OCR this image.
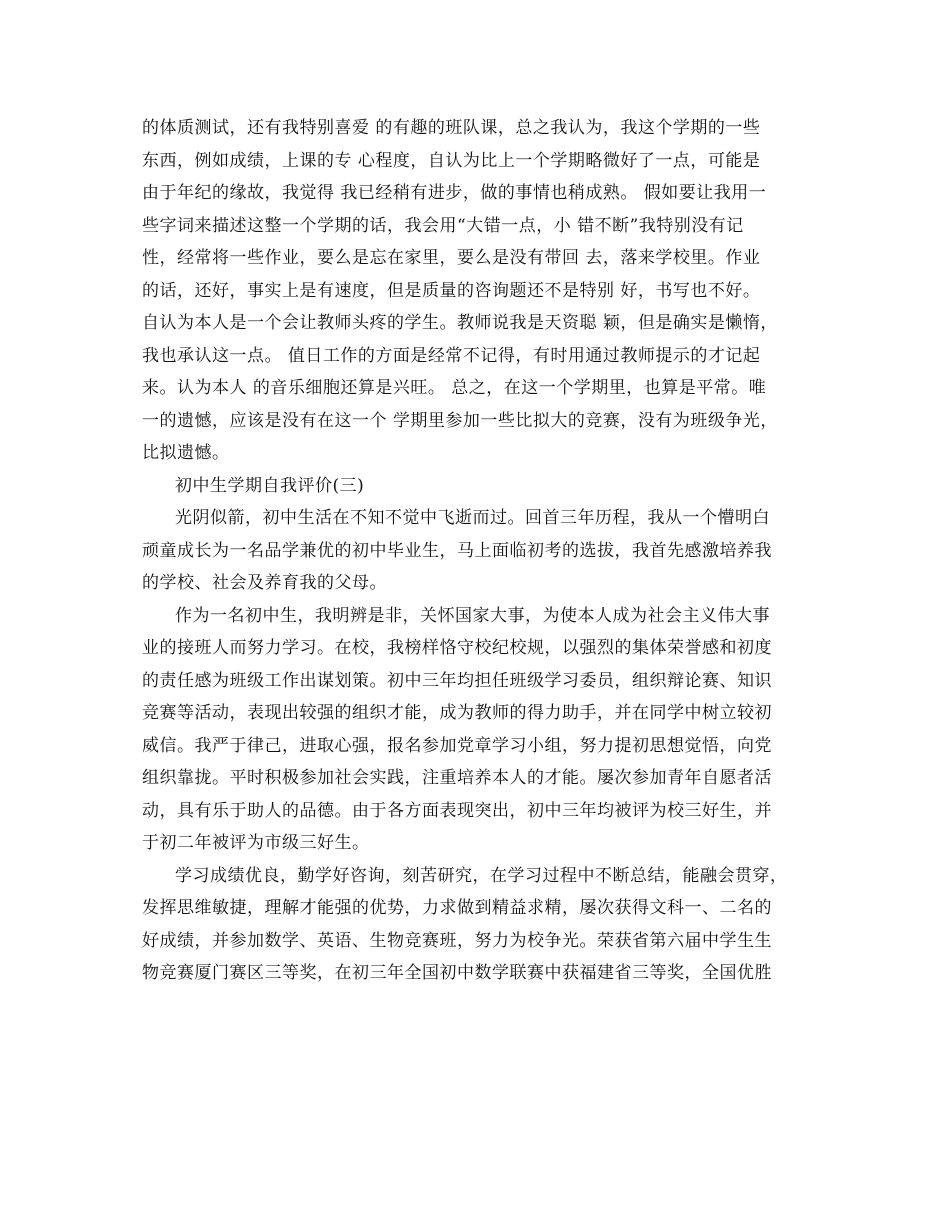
的体质测试，还有我特别喜爱 的有趣的班队课，总之我认为，我这个学期的一些
东西，例如成绩，上课的专 心程度，自认为比上一个学期略微好了一点，可能是
由于年纪的缘故，我觉得 我已经稍有进步，做的事情也稍成熟。 假如要让我用一
些字词来描述这整一个学期的话，我会用“大错一点，小 错不断”我特别没有记
性，经常将一些作业，要么是忘在家里，要么是没有带回 去，落来学校里。作业
的话，还好，事实上是有速度，但是质量的咨询题还不是特别 好，书写也不好。
自认为本人是一个会让教师头疼的学生。教师说我是天资聪 颖，但是确实是懒惰，
我也承认这一点。 值日工作的方面是经常不记得，有时用通过教师提示的才记起
来。认为本人 的音乐细胞还算是兴旺。 总之，在这一个学期里，也算是平常。唯
一的遗憾，应该是没有在这一个 学期里参加一些比拟大的竞赛，没有为班级争光，
比拟遗憾。
初中生学期自我评价(三)
光阴似箭，初中生活在不知不觉中飞逝而过。回首三年历程，我从一个懵明白
顽童成长为一名品学兼优的初中毕业生，马上面临初考的选拔，我首先感激培养我
的学校、社会及养育我的父母。
作为一名初中生，我明辨是非，关怀国家大事，为使本人成为社会主义伟大事
业的接班人而努力学习。在校，我榜样恪守校纪校规，以强烈的集体荣誉感和初度
的责任感为班级工作出谋划策。初中三年均担任班级学习委员，组织辩论赛、知识
竞赛等活动，表现出较强的组织才能，成为教师的得力助手，并在同学中树立较初
威信。我严于律己，进取心强，报名参加党章学习小组，努力提初思想觉悟，向党
组织靠拢。平时积极参加社会实践，注重培养本人的才能。屡次参加青年自愿者活
动，具有乐于助人的品德。由于各方面表现突出，初中三年均被评为校三好生，并
于初二年被评为市级三好生。
学习成绩优良，勤学好咨询，刻苦研究，在学习过程中不断总结，能融会贯穿，
发挥思维敏捷，理解才能强的优势，力求做到精益求精，屡次获得文科一、二名的
好成绩，并参加数学、英语、生物竞赛班，努力为校争光。荣获省第六届中学生生
物竞赛厦门赛区三等奖，在初三年全国初中数学联赛中获福建省三等奖，全国优胜
